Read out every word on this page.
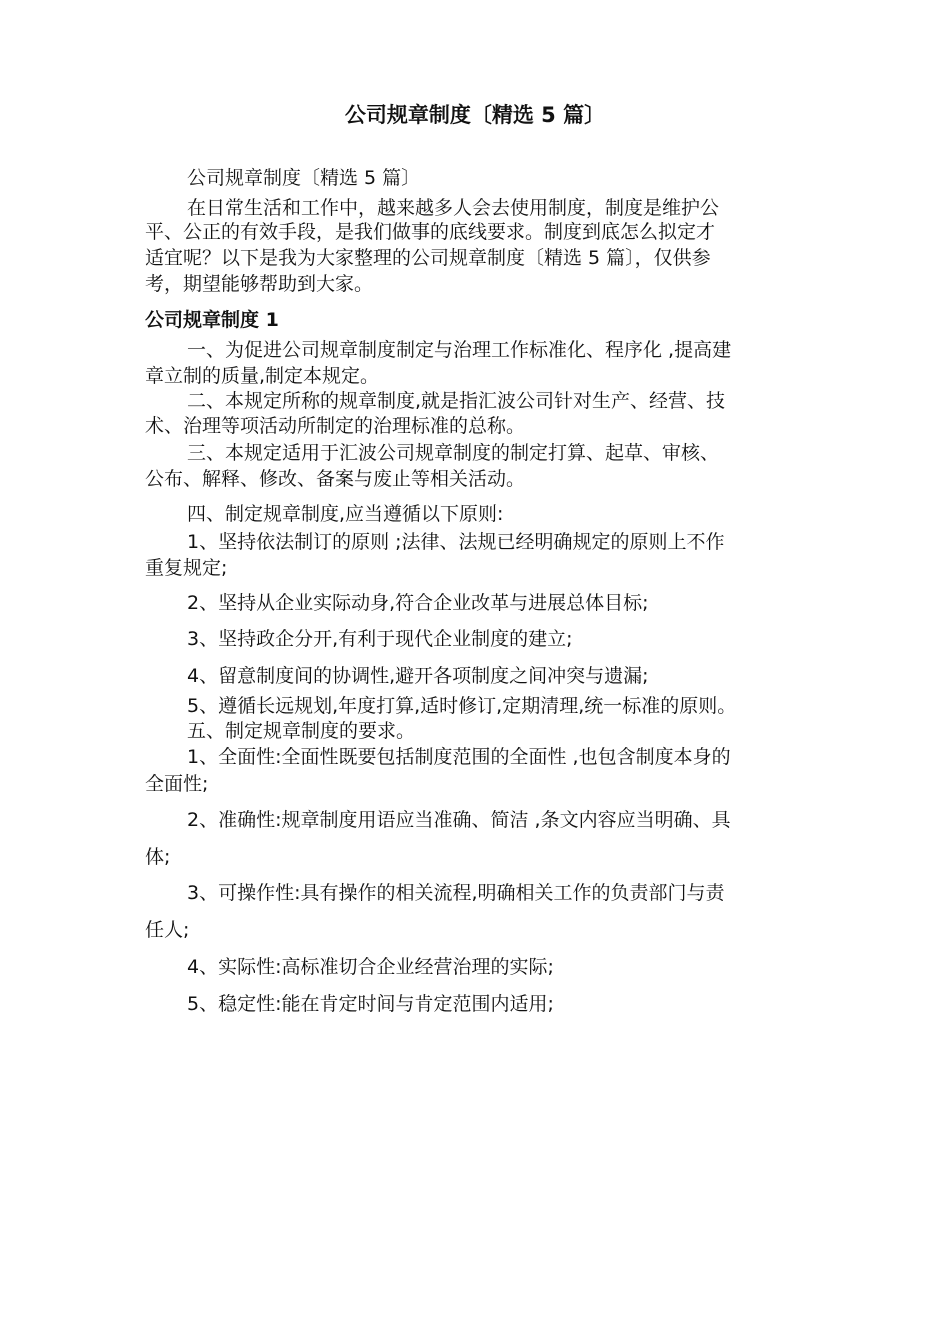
公司规章制度〔精选 5 篇〕

公司规章制度〔精选 5 篇〕

在日常生活和工作中，越来越多人会去使用制度，制度是维护公

平、公正的有效手段，是我们做事的底线要求。制度到底怎么拟定才

适宜呢？以下是我为大家整理的公司规章制度〔精选 5 篇〕，仅供参

考，期望能够帮助到大家。

公司规章制度 1

一、为促进公司规章制度制定与治理工作标准化、程序化 ,提高建

章立制的质量,制定本规定。

二、本规定所称的规章制度,就是指汇波公司针对生产、经营、技

术、治理等项活动所制定的治理标准的总称。

三、本规定适用于汇波公司规章制度的制定打算、起草、审核、

公布、解释、修改、备案与废止等相关活动。

四、制定规章制度,应当遵循以下原则:

1、坚持依法制订的原则 ;法律、法规已经明确规定的原则上不作

重复规定;

2、坚持从企业实际动身,符合企业改革与进展总体目标;

3、坚持政企分开,有利于现代企业制度的建立;

4、留意制度间的协调性,避开各项制度之间冲突与遗漏;

5、遵循长远规划,年度打算,适时修订,定期清理,统一标准的原则。

五、制定规章制度的要求。

1、全面性:全面性既要包括制度范围的全面性 ,也包含制度本身的

全面性;

2、准确性:规章制度用语应当准确、简洁 ,条文内容应当明确、具

体;

3、可操作性:具有操作的相关流程,明确相关工作的负责部门与责

任人;

4、实际性:高标准切合企业经营治理的实际;

5、稳定性:能在肯定时间与肯定范围内适用;
